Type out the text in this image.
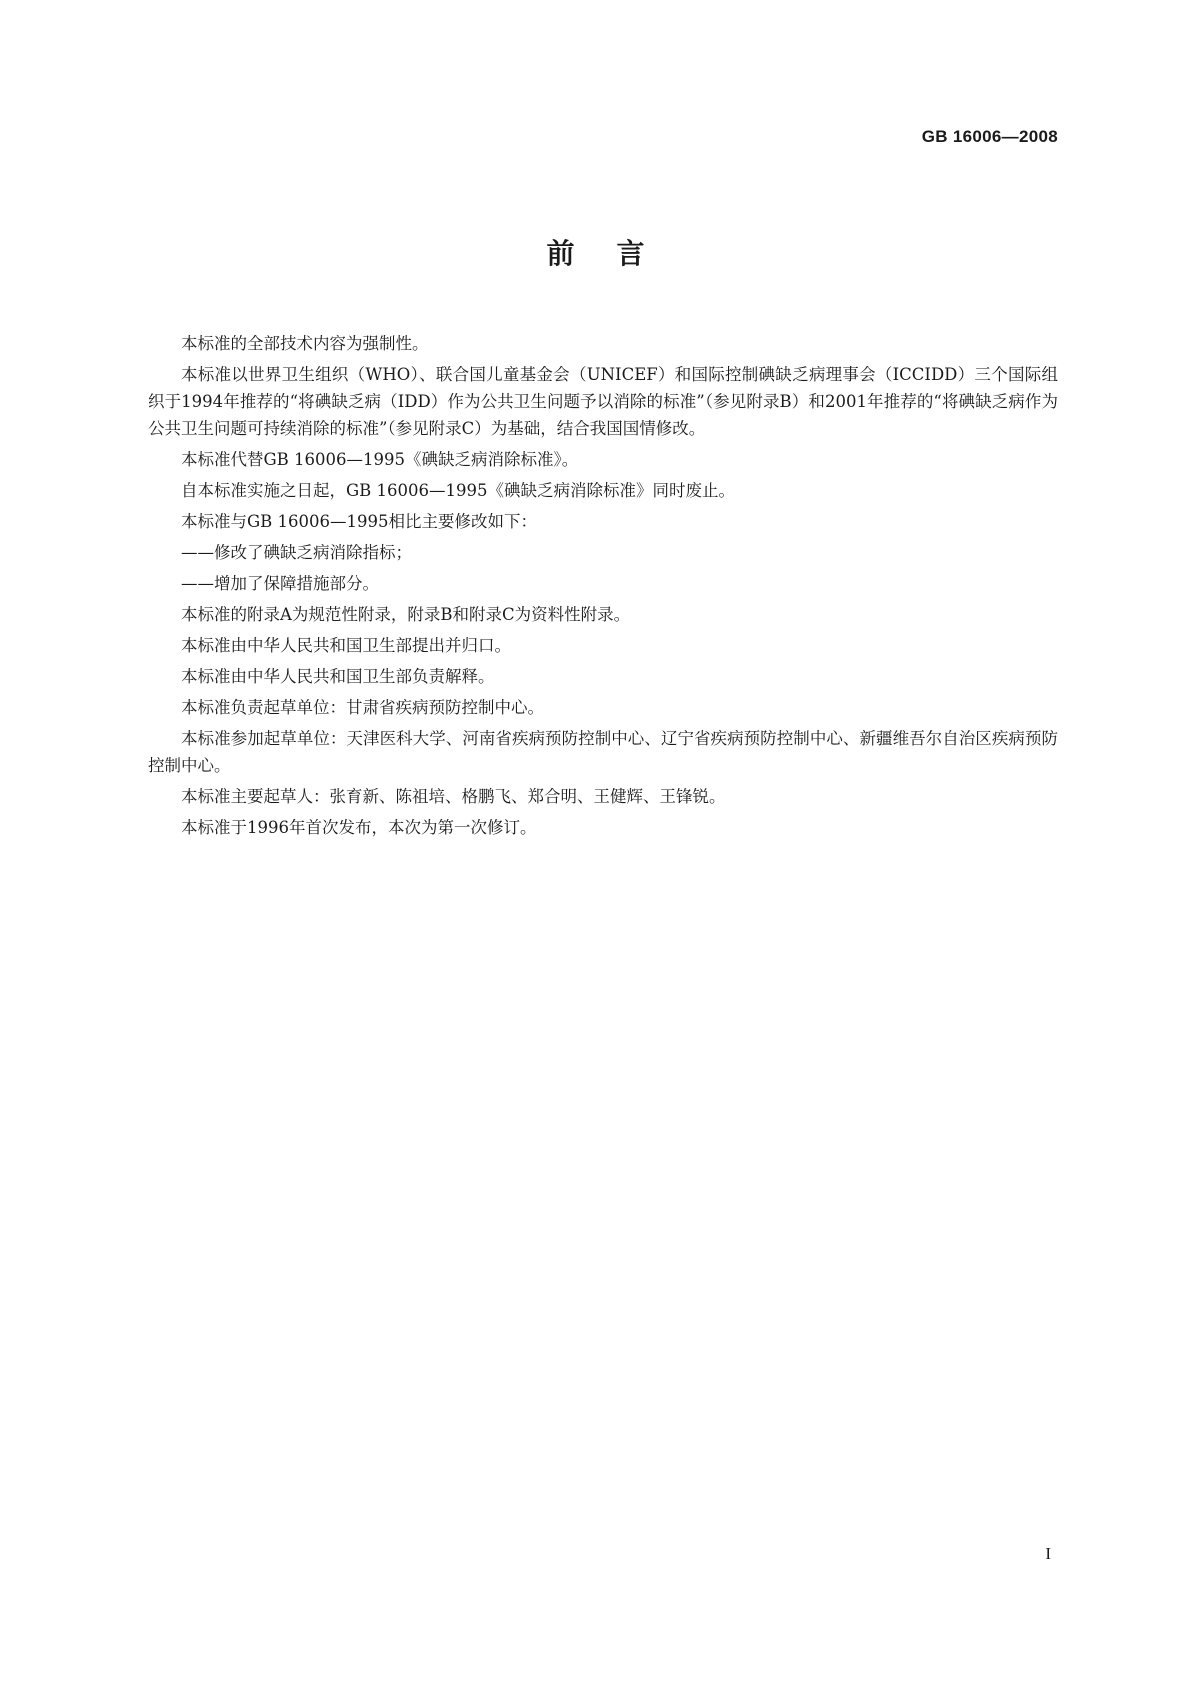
GB 16006—2008
前言

本标准的全部技术内容为强制性。

本标准以世界卫生组织（WHO）、联合国儿童基金会（UNICEF）和国际控制碘缺乏病理事会（ICCIDD）三个国际组织于1994年推荐的“将碘缺乏病（IDD）作为公共卫生问题予以消除的标准”（参见附录B）和2001年推荐的“将碘缺乏病作为公共卫生问题可持续消除的标准”（参见附录C）为基础，结合我国国情修改。

本标准代替GB 16006—1995《碘缺乏病消除标准》。

自本标准实施之日起，GB 16006—1995《碘缺乏病消除标准》同时废止。

本标准与GB 16006—1995相比主要修改如下：

——修改了碘缺乏病消除指标；

——增加了保障措施部分。

本标准的附录A为规范性附录，附录B和附录C为资料性附录。

本标准由中华人民共和国卫生部提出并归口。

本标准由中华人民共和国卫生部负责解释。

本标准负责起草单位：甘肃省疾病预防控制中心。

本标准参加起草单位：天津医科大学、河南省疾病预防控制中心、辽宁省疾病预防控制中心、新疆维吾尔自治区疾病预防控制中心。

本标准主要起草人：张育新、陈祖培、格鹏飞、郑合明、王健辉、王锋锐。

本标准于1996年首次发布，本次为第一次修订。

I
